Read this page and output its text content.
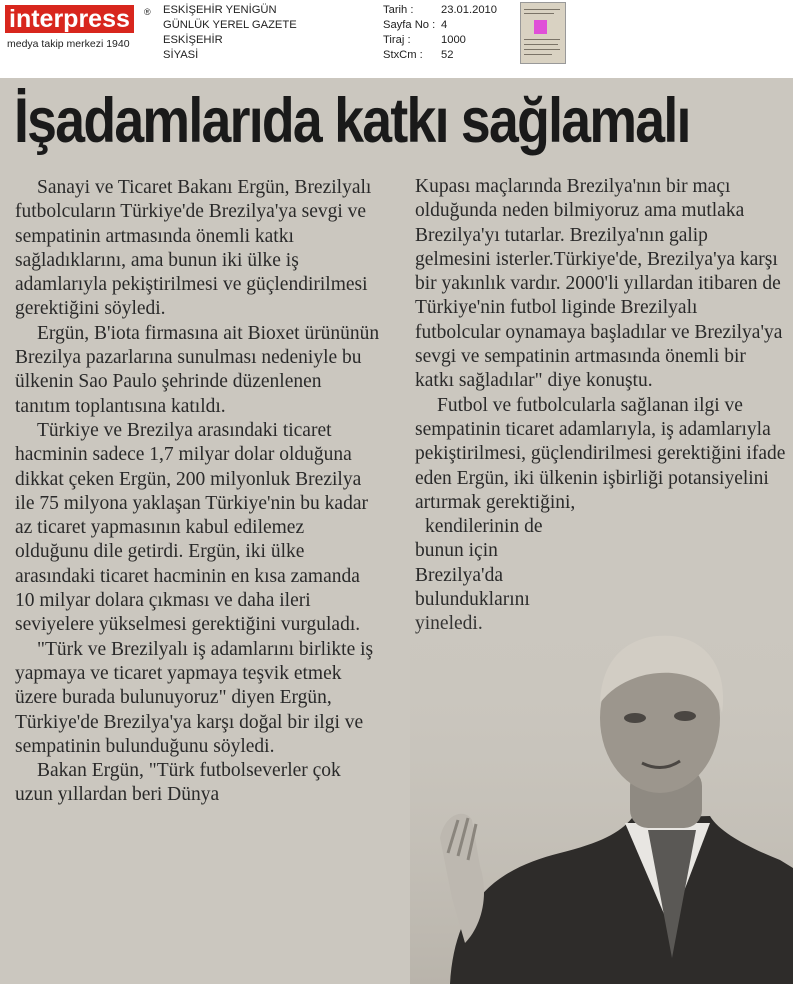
interpress ®
medya takip merkezi 1940
ESKİŞEHİR YENİGÜN
GÜNLÜK YEREL GAZETE
ESKİŞEHİR
SİYASİ
Tarih :	23.01.2010
Sayfa No : 4
Tiraj :	1000
StxCm :	52
İşadamlarıda katkı sağlamalı

Sanayi ve Ticaret Bakanı Ergün, Brezilyalı futbolcuların Türkiye'de Brezilya'ya sevgi ve sempatinin artmasında önemli katkı sağladıklarını, ama bunun iki ülke iş adamlarıyla pekiştirilmesi ve güçlendirilmesi gerektiğini söyledi.

Ergün, B'iota firmasına ait Bioxet ürününün Brezilya pazarlarına sunulması nedeniyle bu ülkenin Sao Paulo şehrinde düzenlenen tanıtım toplantısına katıldı.

Türkiye ve Brezilya arasındaki ticaret hacminin sadece 1,7 milyar dolar olduğuna dikkat çeken Ergün, 200 milyonluk Brezilya ile 75 milyona yaklaşan Türkiye'nin bu kadar az ticaret yapmasının kabul edilemez olduğunu dile getirdi. Ergün, iki ülke arasındaki ticaret hacminin en kısa zamanda 10 milyar dolara çıkması ve daha ileri seviyelere yükselmesi gerektiğini vurguladı.

"Türk ve Brezilyalı iş adamlarını birlikte iş yapmaya ve ticaret yapmaya teşvik etmek üzere burada bulunuyoruz" diyen Ergün, Türkiye'de Brezilya'ya karşı doğal bir ilgi ve sempatinin bulunduğunu söyledi.

Bakan Ergün, "Türk futbolseverler çok uzun yıllardan beri Dünya

Kupası maçlarında Brezilya'nın bir maçı olduğunda neden bilmiyoruz ama mutlaka Brezilya'yı tutarlar. Brezilya'nın galip gelmesini isterler.Türkiye'de, Brezilya'ya karşı bir yakınlık vardır. 2000'li yıllardan itibaren de Türkiye'nin futbol liginde Brezilyalı futbolcular oynamaya başladılar ve Brezilya'ya sevgi ve sempatinin artmasında önemli bir katkı sağladılar" diye konuştu.

Futbol ve futbolcularla sağlanan ilgi ve sempatinin ticaret adamlarıyla, iş adamlarıyla pekiştirilmesi, güçlendirilmesi gerektiğini ifade eden Ergün, iki ülkenin işbirliği potansiyelini artırmak gerektiğini,

kendilerinin de bunun için Brezilya'da
